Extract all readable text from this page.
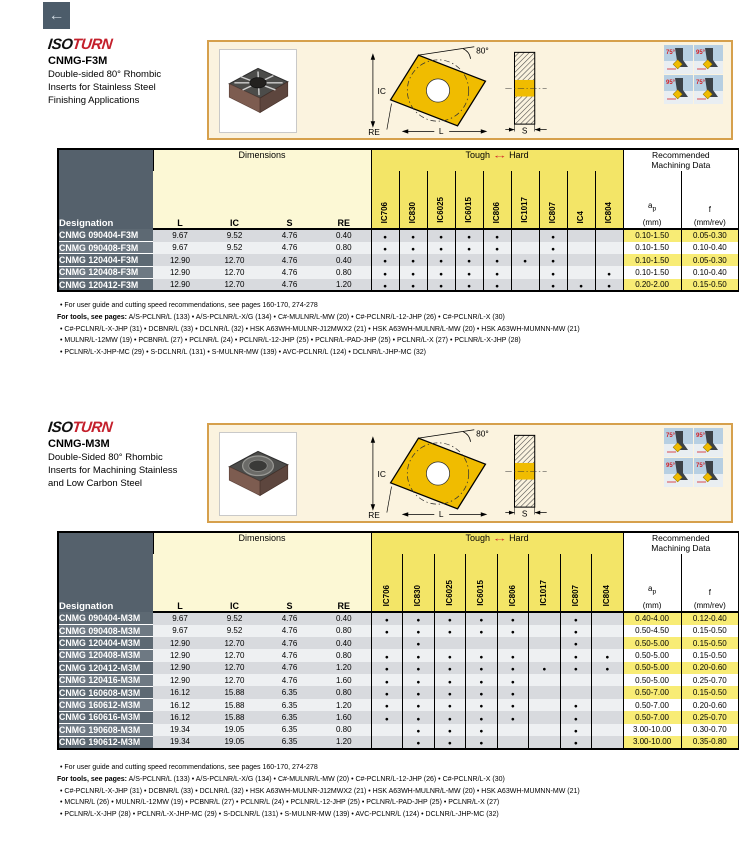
←
ISOTURN
CNMG-F3M
Double-sided 80° Rhombic
Inserts for Stainless Steel
Finishing Applications
80°
IC
L
RE	S
75°	95°
95°	75°
Designation	Dimensions				Tough ↔ Hard									Recommended
Machining Data	
L	IC	S	RE	IC706	IC830	IC6025	IC6015	IC806	IC1017	IC807	IC4	IC804	$a_p$
(mm)

f
(mm/rev)

CNMG 090404-F3M	9.67	9.52	4.76	0.40	●	●	●	●	●		●			0.10-1.50	0.05-0.30
CNMG 090408-F3M	9.67	9.52	4.76	0.80	●	●	●	●	●		●			0.10-1.50	0.10-0.40
CNMG 120404-F3M	12.90	12.70	4.76	0.40	●	●	●	●	●	●	●			0.10-1.50	0.05-0.30
CNMG 120408-F3M	12.90	12.70	4.76	0.80	●	●	●	●	●		●		●	0.10-1.50	0.10-0.40
CNMG 120412-F3M	12.90	12.70	4.76	1.20	●	●	●	●	●		●	●	●	0.20-2.00	0.15-0.50
• For user guide and cutting speed recommendations, see pages 160-170, 274-278
For tools, see pages: A/S-PCLNR/L (133) • A/S-PCLNR/L-X/G (134) • C#-MULNR/L-MW (20) • C#-PCLNR/L-12-JHP (26) • C#-PCLNR/L-X (30)
• C#-PCLNR/L-X-JHP (31) • DCBNR/L (33) • DCLNR/L (32) • HSK A63WH-MULNR-J12MWX2 (21) • HSK A63WH-MULNR/L-MW (20) • HSK A63WH-MUMNN-MW (21)
• MULNR/L-12MW (19) • PCBNR/L (27) • PCLNR/L (24) • PCLNR/L-12-JHP (25) • PCLNR/L-PAD-JHP (25) • PCLNR/L-X (27) • PCLNR/L-X-JHP (28)
• PCLNR/L-X-JHP-MC (29) • S-DCLNR/L (131) • S-MULNR-MW (139) • AVC-PCLNR/L (124) • DCLNR/L-JHP-MC (32)
ISOTURN
CNMG-M3M
Double-Sided 80° Rhombic
Inserts for Machining Stainless
and Low Carbon Steel
80°
IC
L
RE	S
75°	95°
95°	75°
Designation	Dimensions				Tough ↔ Hard								Recommended
Machining Data	
L	IC	S	RE	IC706	IC830	IC6025	IC6015	IC806	IC1017	IC807	IC804	$a_p$
(mm)

f
(mm/rev)

CNMG 090404-M3M	9.67	9.52	4.76	0.40	●	●	●	●	●		●		0.40-4.00	0.12-0.40
CNMG 090408-M3M	9.67	9.52	4.76	0.80	●	●	●	●	●		●		0.50-4.50	0.15-0.50
CNMG 120404-M3M	12.90	12.70	4.76	0.40		●					●		0.50-5.00	0.15-0.50
CNMG 120408-M3M	12.90	12.70	4.76	0.80	●	●	●	●	●		●	●	0.50-5.00	0.15-0.50
CNMG 120412-M3M	12.90	12.70	4.76	1.20	●	●	●	●	●	●	●	●	0.50-5.00	0.20-0.60
CNMG 120416-M3M	12.90	12.70	4.76	1.60	●	●	●	●	●				0.50-5.00	0.25-0.70
CNMG 160608-M3M	16.12	15.88	6.35	0.80	●	●	●	●	●				0.50-7.00	0.15-0.50
CNMG 160612-M3M	16.12	15.88	6.35	1.20	●	●	●	●	●		●		0.50-7.00	0.20-0.60
CNMG 160616-M3M	16.12	15.88	6.35	1.60	●	●	●	●	●		●		0.50-7.00	0.25-0.70
CNMG 190608-M3M	19.34	19.05	6.35	0.80		●	●	●			●		3.00-10.00	0.30-0.70
CNMG 190612-M3M	19.34	19.05	6.35	1.20		●	●	●			●		3.00-10.00	0.35-0.80
• For user guide and cutting speed recommendations, see pages 160-170, 274-278
For tools, see pages: A/S-PCLNR/L (133) • A/S-PCLNR/L-X/G (134) • C#-MULNR/L-MW (20) • C#-PCLNR/L-12-JHP (26) • C#-PCLNR/L-X (30)
• C#-PCLNR/L-X-JHP (31) • DCBNR/L (33) • DCLNR/L (32) • HSK A63WH-MULNR-J12MWX2 (21) • HSK A63WH-MULNR/L-MW (20) • HSK A63WH-MUMNN-MW (21)
• MCLNR/L (26) • MULNR/L-12MW (19) • PCBNR/L (27) • PCLNR/L (24) • PCLNR/L-12-JHP (25) • PCLNR/L-PAD-JHP (25) • PCLNR/L-X (27)
• PCLNR/L-X-JHP (28) • PCLNR/L-X-JHP-MC (29) • S-DCLNR/L (131) • S-MULNR-MW (139) • AVC-PCLNR/L (124) • DCLNR/L-JHP-MC (32)
